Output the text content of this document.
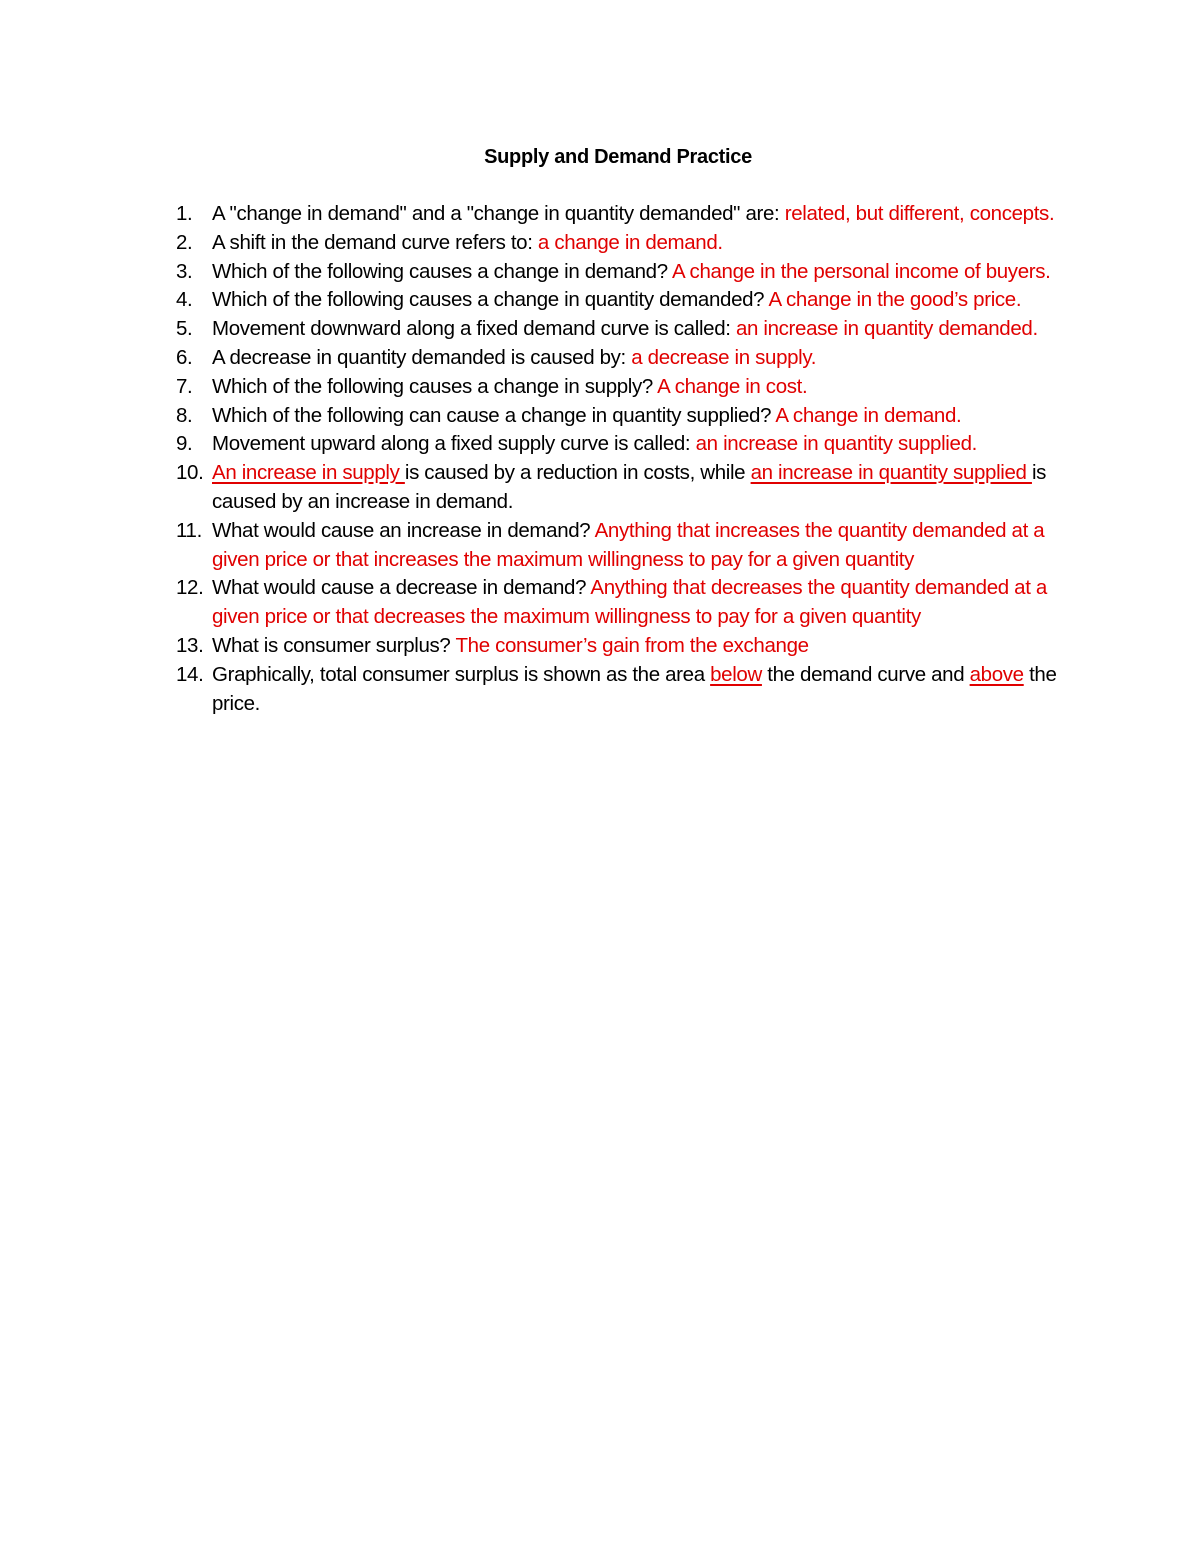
Supply and Demand Practice
1. A "change in demand" and a "change in quantity demanded" are: related, but different, concepts.
2. A shift in the demand curve refers to: a change in demand.
3. Which of the following causes a change in demand? A change in the personal income of buyers.
4. Which of the following causes a change in quantity demanded? A change in the good’s price.
5. Movement downward along a fixed demand curve is called: an increase in quantity demanded.
6. A decrease in quantity demanded is caused by: a decrease in supply.
7. Which of the following causes a change in supply? A change in cost.
8. Which of the following can cause a change in quantity supplied? A change in demand.
9. Movement upward along a fixed supply curve is called: an increase in quantity supplied.
10. An increase in supply is caused by a reduction in costs, while an increase in quantity supplied is caused by an increase in demand.
11. What would cause an increase in demand? Anything that increases the quantity demanded at a given price or that increases the maximum willingness to pay for a given quantity
12. What would cause a decrease in demand? Anything that decreases the quantity demanded at a given price or that decreases the maximum willingness to pay for a given quantity
13. What is consumer surplus? The consumer’s gain from the exchange
14. Graphically, total consumer surplus is shown as the area below the demand curve and above the price.
